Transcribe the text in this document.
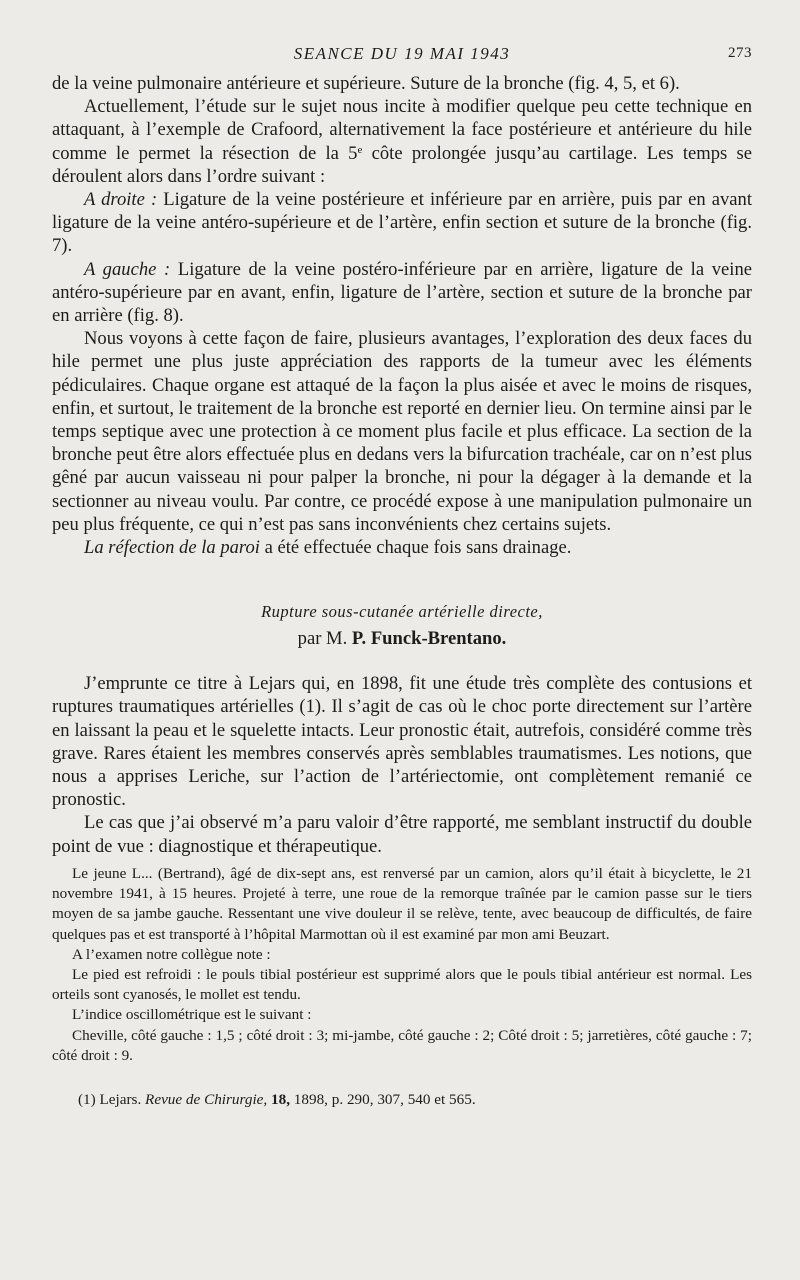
SEANCE DU 19 MAI 1943	273

de la veine pulmonaire antérieure et supérieure. Suture de la bronche (fig. 4, 5, et 6).

Actuellement, l’étude sur le sujet nous incite à modifier quelque peu cette technique en attaquant, à l’exemple de Crafoord, alternativement la face postérieure et antérieure du hile comme le permet la résection de la 5e côte prolongée jusqu’au cartilage. Les temps se déroulent alors dans l’ordre suivant :

A droite : Ligature de la veine postérieure et inférieure par en arrière, puis par en avant ligature de la veine antéro-supérieure et de l’artère, enfin section et suture de la bronche (fig. 7).

A gauche : Ligature de la veine postéro-inférieure par en arrière, ligature de la veine antéro-supérieure par en avant, enfin, ligature de l’artère, section et suture de la bronche par en arrière (fig. 8).

Nous voyons à cette façon de faire, plusieurs avantages, l’exploration des deux faces du hile permet une plus juste appréciation des rapports de la tumeur avec les éléments pédiculaires. Chaque organe est attaqué de la façon la plus aisée et avec le moins de risques, enfin, et surtout, le traitement de la bronche est reporté en dernier lieu. On termine ainsi par le temps septique avec une protection à ce moment plus facile et plus efficace. La section de la bronche peut être alors effectuée plus en dedans vers la bifurcation trachéale, car on n’est plus gêné par aucun vaisseau ni pour palper la bronche, ni pour la dégager à la demande et la sectionner au niveau voulu. Par contre, ce procédé expose à une manipulation pulmonaire un peu plus fréquente, ce qui n’est pas sans inconvénients chez certains sujets.

La réfection de la paroi a été effectuée chaque fois sans drainage.

Rupture sous-cutanée artérielle directe,
par M. P. Funck-Brentano.

J’emprunte ce titre à Lejars qui, en 1898, fit une étude très complète des contusions et ruptures traumatiques artérielles (1). Il s’agit de cas où le choc porte directement sur l’artère en laissant la peau et le squelette intacts. Leur pronostic était, autrefois, considéré comme très grave. Rares étaient les membres conservés après semblables traumatismes. Les notions, que nous a apprises Leriche, sur l’action de l’artériectomie, ont complètement remanié ce pronostic.

Le cas que j’ai observé m’a paru valoir d’être rapporté, me semblant instructif du double point de vue : diagnostique et thérapeutique.

Le jeune L... (Bertrand), âgé de dix-sept ans, est renversé par un camion, alors qu’il était à bicyclette, le 21 novembre 1941, à 15 heures. Projeté à terre, une roue de la remorque traînée par le camion passe sur le tiers moyen de sa jambe gauche. Ressentant une vive douleur il se relève, tente, avec beaucoup de difficultés, de faire quelques pas et est transporté à l’hôpital Marmottan où il est examiné par mon ami Beuzart.

A l’examen notre collègue note :

Le pied est refroidi : le pouls tibial postérieur est supprimé alors que le pouls tibial antérieur est normal. Les orteils sont cyanosés, le mollet est tendu.

L’indice oscillométrique est le suivant :

Cheville, côté gauche : 1,5 ; côté droit : 3; mi-jambe, côté gauche : 2; Côté droit : 5; jarretières, côté gauche : 7; côté droit : 9.

(1) Lejars. Revue de Chirurgie, 18, 1898, p. 290, 307, 540 et 565.
